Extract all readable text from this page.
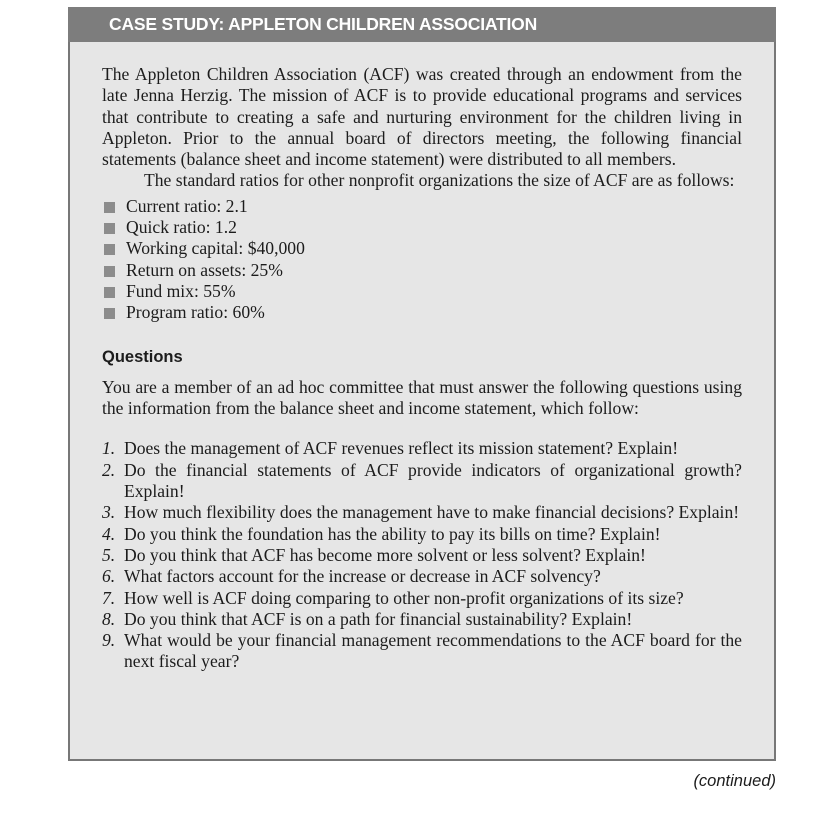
CASE STUDY: APPLETON CHILDREN ASSOCIATION

The Appleton Children Association (ACF) was created through an endowment from the late Jenna Herzig. The mission of ACF is to provide educational programs and services that contribute to creating a safe and nurturing environment for the children living in Appleton. Prior to the annual board of directors meeting, the following financial statements (balance sheet and income statement) were distributed to all members.

The standard ratios for other nonprofit organizations the size of ACF are as follows:

Current ratio: 2.1
Quick ratio: 1.2
Working capital: $40,000
Return on assets: 25%
Fund mix: 55%
Program ratio: 60%
Questions

You are a member of an ad hoc committee that must answer the following questions using the information from the balance sheet and income statement, which follow:

1. Does the management of ACF revenues reflect its mission statement? Explain!
2. Do the financial statements of ACF provide indicators of organizational growth? Explain!
3. How much flexibility does the management have to make financial decisions? Explain!
4. Do you think the foundation has the ability to pay its bills on time? Explain!
5. Do you think that ACF has become more solvent or less solvent? Explain!
6. What factors account for the increase or decrease in ACF solvency?
7. How well is ACF doing comparing to other non-profit organizations of its size?
8. Do you think that ACF is on a path for financial sustainability? Explain!
9. What would be your financial management recommendations to the ACF board for the next fiscal year?
(continued)
